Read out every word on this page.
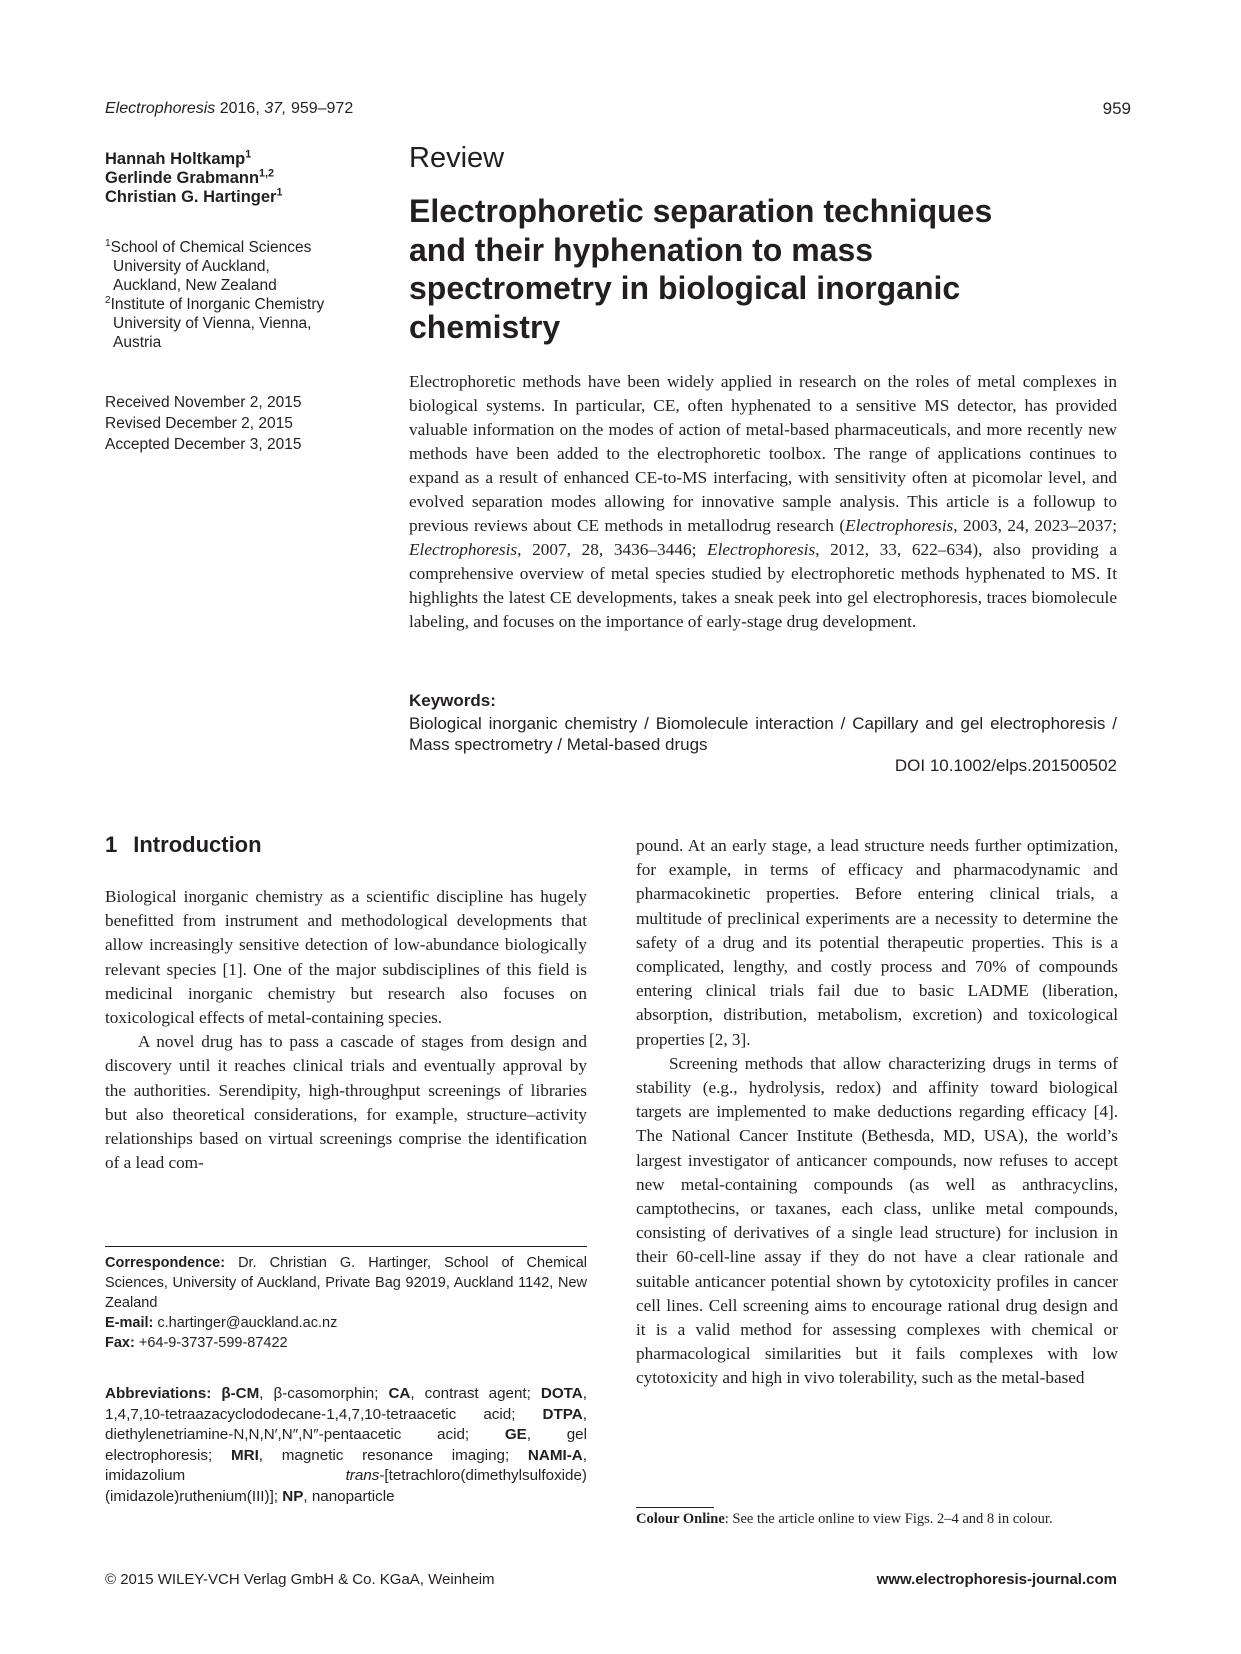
Electrophoresis 2016, 37, 959–972	959
Hannah Holtkamp$^1$
Gerlinde Grabmann$^{1,2}$
Christian G. Hartinger$^1$
$^1$School of Chemical Sciences
University of Auckland,
Auckland, New Zealand
$^2$Institute of Inorganic Chemistry
University of Vienna, Vienna,
Austria
Received November 2, 2015
Revised December 2, 2015
Accepted December 3, 2015
Review
Electrophoretic separation techniques and their hyphenation to mass spectrometry in biological inorganic chemistry

Electrophoretic methods have been widely applied in research on the roles of metal complexes in biological systems. In particular, CE, often hyphenated to a sensitive MS detector, has provided valuable information on the modes of action of metal-based pharmaceuticals, and more recently new methods have been added to the electrophoretic toolbox. The range of applications continues to expand as a result of enhanced CE-to-MS interfacing, with sensitivity often at picomolar level, and evolved separation modes allowing for innovative sample analysis. This article is a followup to previous reviews about CE methods in metallodrug research (Electrophoresis, 2003, 24, 2023–2037; Electrophoresis, 2007, 28, 3436–3446; Electrophoresis, 2012, 33, 622–634), also providing a comprehensive overview of metal species studied by electrophoretic methods hyphenated to MS. It highlights the latest CE developments, takes a sneak peek into gel electrophoresis, traces biomolecule labeling, and focuses on the importance of early-stage drug development.

Keywords:
Biological inorganic chemistry / Biomolecule interaction / Capillary and gel electrophoresis / Mass spectrometry / Metal-based drugs
DOI 10.1002/elps.201500502
1 Introduction

Biological inorganic chemistry as a scientific discipline has hugely benefitted from instrument and methodological developments that allow increasingly sensitive detection of low-abundance biologically relevant species [1]. One of the major subdisciplines of this field is medicinal inorganic chemistry but research also focuses on toxicological effects of metal-containing species.

A novel drug has to pass a cascade of stages from design and discovery until it reaches clinical trials and eventually approval by the authorities. Serendipity, high-throughput screenings of libraries but also theoretical considerations, for example, structure–activity relationships based on virtual screenings comprise the identification of a lead com-

pound. At an early stage, a lead structure needs further optimization, for example, in terms of efficacy and pharmacodynamic and pharmacokinetic properties. Before entering clinical trials, a multitude of preclinical experiments are a necessity to determine the safety of a drug and its potential therapeutic properties. This is a complicated, lengthy, and costly process and 70% of compounds entering clinical trials fail due to basic LADME (liberation, absorption, distribution, metabolism, excretion) and toxicological properties [2, 3].

Screening methods that allow characterizing drugs in terms of stability (e.g., hydrolysis, redox) and affinity toward biological targets are implemented to make deductions regarding efficacy [4]. The National Cancer Institute (Bethesda, MD, USA), the world’s largest investigator of anticancer compounds, now refuses to accept new metal-containing compounds (as well as anthracyclins, camptothecins, or taxanes, each class, unlike metal compounds, consisting of derivatives of a single lead structure) for inclusion in their 60-cell-line assay if they do not have a clear rationale and suitable anticancer potential shown by cytotoxicity profiles in cancer cell lines. Cell screening aims to encourage rational drug design and it is a valid method for assessing complexes with chemical or pharmacological similarities but it fails complexes with low cytotoxicity and high in vivo tolerability, such as the metal-based

Correspondence: Dr. Christian G. Hartinger, School of Chemical Sciences, University of Auckland, Private Bag 92019, Auckland 1142, New Zealand
E-mail: c.hartinger@auckland.ac.nz
Fax: +64-9-3737-599-87422
Abbreviations: β-CM, β-casomorphin; CA, contrast agent; DOTA, 1,4,7,10-tetraazacyclododecane-1,4,7,10-tetraacetic acid; DTPA, diethylenetriamine-N,N,N′,N″,N″-pentaacetic acid; GE, gel electrophoresis; MRI, magnetic resonance imaging; NAMI-A, imidazolium trans-[tetrachloro(dimethylsulfoxide)(imidazole)ruthenium(III)]; NP, nanoparticle
Colour Online: See the article online to view Figs. 2–4 and 8 in colour.
© 2015 WILEY-VCH Verlag GmbH & Co. KGaA, Weinheim	www.electrophoresis-journal.com
